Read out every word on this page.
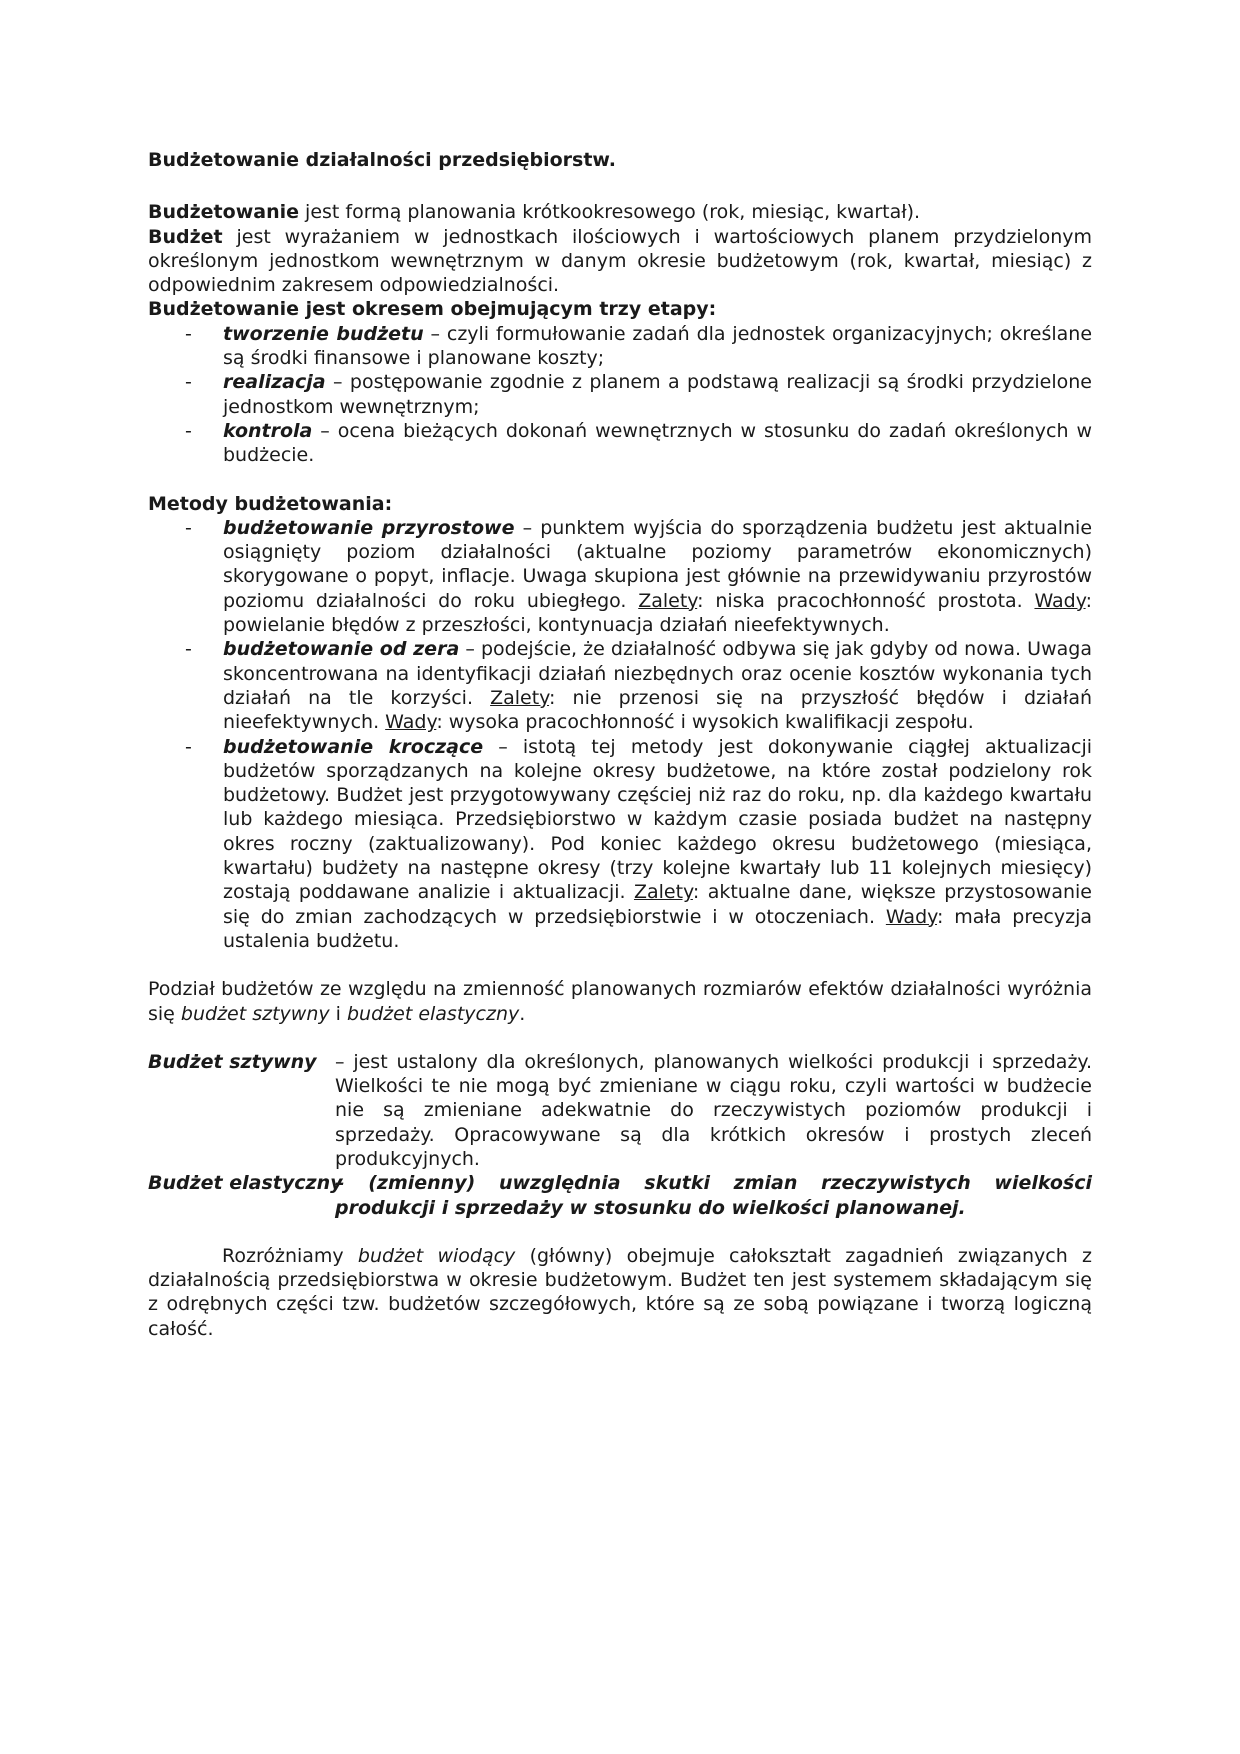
Budżetowanie działalności przedsiębiorstw.

Budżetowanie jest formą planowania krótkookresowego (rok, miesiąc, kwartał).

Budżet jest wyrażaniem w jednostkach ilościowych i wartościowych planem przydzielonym określonym jednostkom wewnętrznym w danym okresie budżetowym (rok, kwartał, miesiąc) z odpowiednim zakresem odpowiedzialności.

Budżetowanie jest okresem obejmującym trzy etapy:

- tworzenie budżetu – czyli formułowanie zadań dla jednostek organizacyjnych; określane są środki finansowe i planowane koszty;
- realizacja – postępowanie zgodnie z planem a podstawą realizacji są środki przydzielone jednostkom wewnętrznym;
- kontrola – ocena bieżących dokonań wewnętrznych w stosunku do zadań określonych w budżecie.

Metody budżetowania:

- budżetowanie przyrostowe – punktem wyjścia do sporządzenia budżetu jest aktualnie osiągnięty poziom działalności (aktualne poziomy parametrów ekonomicznych) skorygowane o popyt, inflacje. Uwaga skupiona jest głównie na przewidywaniu przyrostów poziomu działalności do roku ubiegłego. Zalety: niska pracochłonność prostota. Wady: powielanie błędów z przeszłości, kontynuacja działań nieefektywnych.
- budżetowanie od zera – podejście, że działalność odbywa się jak gdyby od nowa. Uwaga skoncentrowana na identyfikacji działań niezbędnych oraz ocenie kosztów wykonania tych działań na tle korzyści. Zalety: nie przenosi się na przyszłość błędów i działań nieefektywnych. Wady: wysoka pracochłonność i wysokich kwalifikacji zespołu.
- budżetowanie kroczące – istotą tej metody jest dokonywanie ciągłej aktualizacji budżetów sporządzanych na kolejne okresy budżetowe, na które został podzielony rok budżetowy. Budżet jest przygotowywany częściej niż raz do roku, np. dla każdego kwartału lub każdego miesiąca. Przedsiębiorstwo w każdym czasie posiada budżet na następny okres roczny (zaktualizowany). Pod koniec każdego okresu budżetowego (miesiąca, kwartału) budżety na następne okresy (trzy kolejne kwartały lub 11 kolejnych miesięcy) zostają poddawane analizie i aktualizacji. Zalety: aktualne dane, większe przystosowanie się do zmian zachodzących w przedsiębiorstwie i w otoczeniach. Wady: mała precyzja ustalenia budżetu.

Podział budżetów ze względu na zmienność planowanych rozmiarów efektów działalności wyróżnia się budżet sztywny i budżet elastyczny.

Budżet sztywny – jest ustalony dla określonych, planowanych wielkości produkcji i sprzedaży. Wielkości te nie mogą być zmieniane w ciągu roku, czyli wartości w budżecie nie są zmieniane adekwatnie do rzeczywistych poziomów produkcji i sprzedaży. Opracowywane są dla krótkich okresów i prostych zleceń produkcyjnych.

Budżet elastyczny
– (zmienny) uwzględnia skutki zmian rzeczywistych wielkości produkcji i sprzedaży w stosunku do wielkości planowanej.

Rozróżniamy budżet wiodący (główny) obejmuje całokształt zagadnień związanych z działalnością przedsiębiorstwa w okresie budżetowym. Budżet ten jest systemem składającym się z odrębnych części tzw. budżetów szczegółowych, które są ze sobą powiązane i tworzą logiczną całość.
